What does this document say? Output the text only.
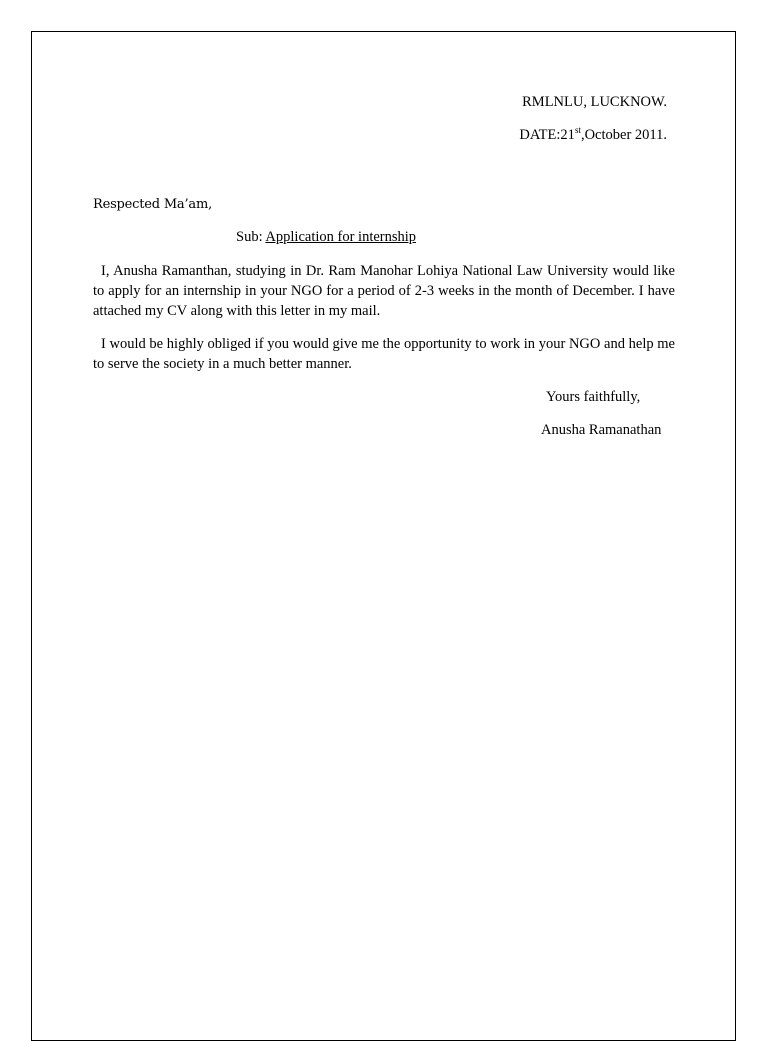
RMLNLU, LUCKNOW.
DATE:21st,October 2011.
Respected Ma’am,
Sub: Application for internship

I, Anusha Ramanthan, studying in Dr. Ram Manohar Lohiya National Law University would like to apply for an internship in your NGO for a period of 2-3 weeks in the month of December. I have attached my CV along with this letter in my mail.

I would be highly obliged if you would give me the opportunity to work in your NGO and help me to serve the society in a much better manner.

Yours faithfully,
Anusha Ramanathan
